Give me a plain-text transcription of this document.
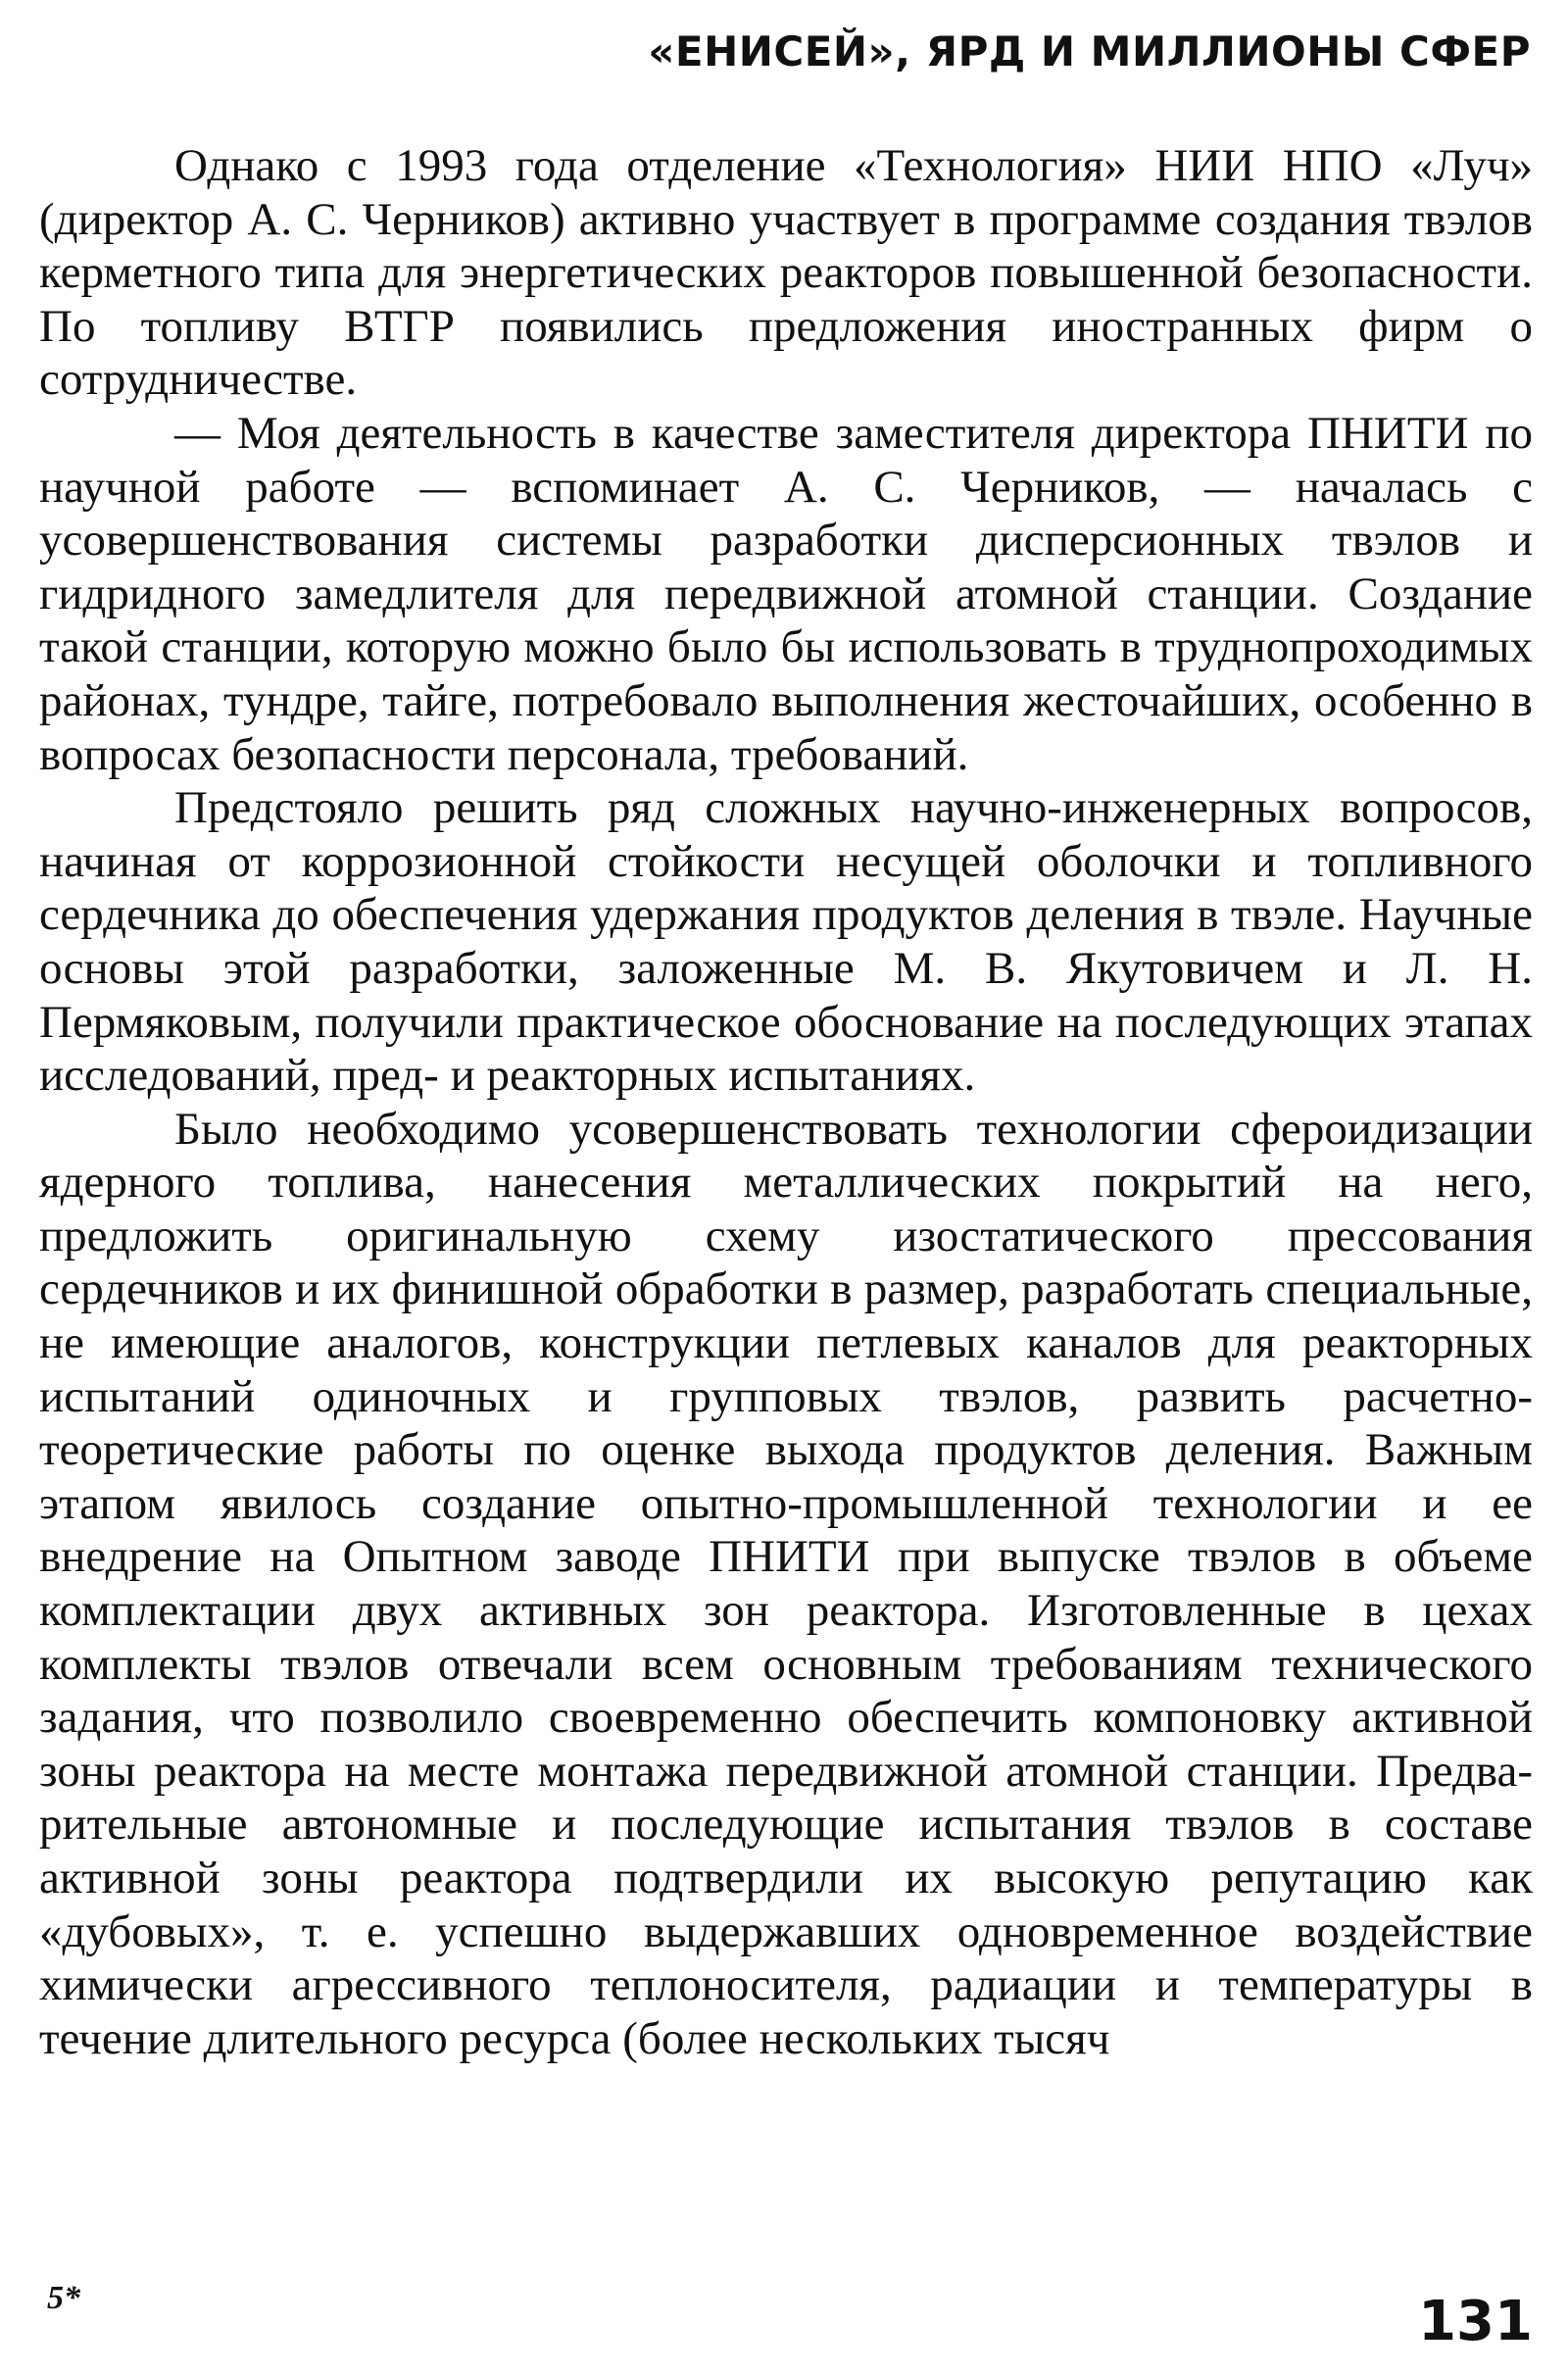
«ЕНИСЕЙ», ЯРД И МИЛЛИОНЫ СФЕР

Однако с 1993 года отделение «Технология» НИИ НПО «Луч» (директор А. С. Черников) активно участвует в программе создания твэлов керметного типа для энергетических реакторов повышенной безопасности. По топливу ВТГР появились предложения иностранных фирм о сотрудничестве.

— Моя деятельность в качестве заместителя директора ПНИТИ по научной работе — вспоминает А. С. Черников, — началась с усовершенствования системы разработки дисперсионных твэлов и гидридного замедлителя для передвижной атомной станции. Создание такой станции, которую можно было бы использовать в труднопроходимых районах, тундре, тайге, потребовало выполнения жесточайших, особенно в вопросах безопасности персонала, требований.

Предстояло решить ряд сложных научно-инженерных вопросов, начиная от коррозионной стойкости несущей оболочки и топливного сердечника до обеспечения удержания продуктов деления в твэле. Научные основы этой разработки, заложенные М. В. Якутовичем и Л. Н. Пермяковым, получили практическое обоснование на последующих этапах исследований, пред- и реакторных испытаниях.

Было необходимо усовершенствовать технологии сфероидизации ядерного топлива, нанесения металлических покрытий на него, предложить оригинальную схему изостатического прессования сердечников и их финишной обработки в размер, разработать специальные, не имеющие аналогов, конструкции петлевых каналов для реакторных испытаний одиночных и групповых твэлов, развить расчетно-теоретические работы по оценке выхода продуктов деления. Важным этапом явилось создание опытно-промышленной технологии и ее внедрение на Опытном заводе ПНИТИ при выпуске твэлов в объеме комплектации двух активных зон реактора. Изготовленные в цехах комплекты твэлов отвечали всем основным требованиям технического задания, что позволило своевременно обеспечить компоновку активной зоны реактора на месте монтажа передвижной атомной станции. Предварительные автономные и последующие испытания твэлов в составе активной зоны реактора подтвердили их высокую репутацию как «дубовых», т. е. успешно выдержавших одновременное воздействие химически агрессивного теплоносителя, радиации и температуры в течение длительного ресурса (более нескольких тысяч

5*	131
